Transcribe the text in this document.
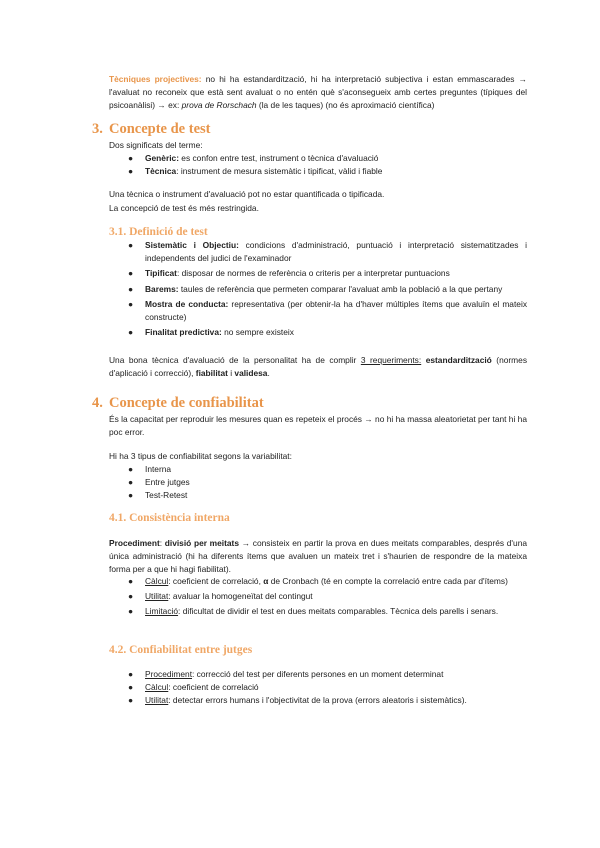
Tècniques projectives: no hi ha estandardització, hi ha interpretació subjectiva i estan emmascarades → l'avaluat no reconeix que està sent avaluat o no entén què s'aconsegueix amb certes preguntes (típiques del psicoanàlisi) → ex: prova de Rorschach (la de les taques) (no és aproximació científica)

3. Concepte de test

Dos significats del terme:

● Genèric: es confon entre test, instrument o tècnica d'avaluació
● Tècnica: instrument de mesura sistemàtic i tipificat, vàlid i fiable

Una tècnica o instrument d'avaluació pot no estar quantificada o tipificada.

La concepció de test és més restringida.

3.1. Definició de test
● Sistemàtic i Objectiu: condicions d'administració, puntuació i interpretació sistematitzades i independents del judici de l'examinador
● Tipificat: disposar de normes de referència o criteris per a interpretar puntuacions
● Barems: taules de referència que permeten comparar l'avaluat amb la població a la que pertany
● Mostra de conducta: representativa (per obtenir-la ha d'haver múltiples ítems que avaluïn el mateix constructe)
● Finalitat predictiva: no sempre existeix

Una bona tècnica d'avaluació de la personalitat ha de complir 3 requeriments: estandardització (normes d'aplicació i correcció), fiabilitat i validesa.

4. Concepte de confiabilitat

És la capacitat per reproduir les mesures quan es repeteix el procés → no hi ha massa aleatorietat per tant hi ha poc error.

Hi ha 3 tipus de confiabilitat segons la variabilitat:

● Interna
● Entre jutges
● Test-Retest
4.1. Consistència interna

Procediment: divisió per meitats → consisteix en partir la prova en dues meitats comparables, després d'una única administració (hi ha diferents ítems que avaluen un mateix tret i s'haurien de respondre de la mateixa forma per a que hi hagi fiabilitat).

● Càlcul: coeficient de correlació, α de Cronbach (té en compte la correlació entre cada par d'ítems)
● Utilitat: avaluar la homogeneïtat del contingut
● Limitació: dificultat de dividir el test en dues meitats comparables. Tècnica dels parells i senars.
4.2. Confiabilitat entre jutges
● Procediment: correcció del test per diferents persones en un moment determinat
● Càlcul: coeficient de correlació
● Utilitat: detectar errors humans i l'objectivitat de la prova (errors aleatoris i sistemàtics).
